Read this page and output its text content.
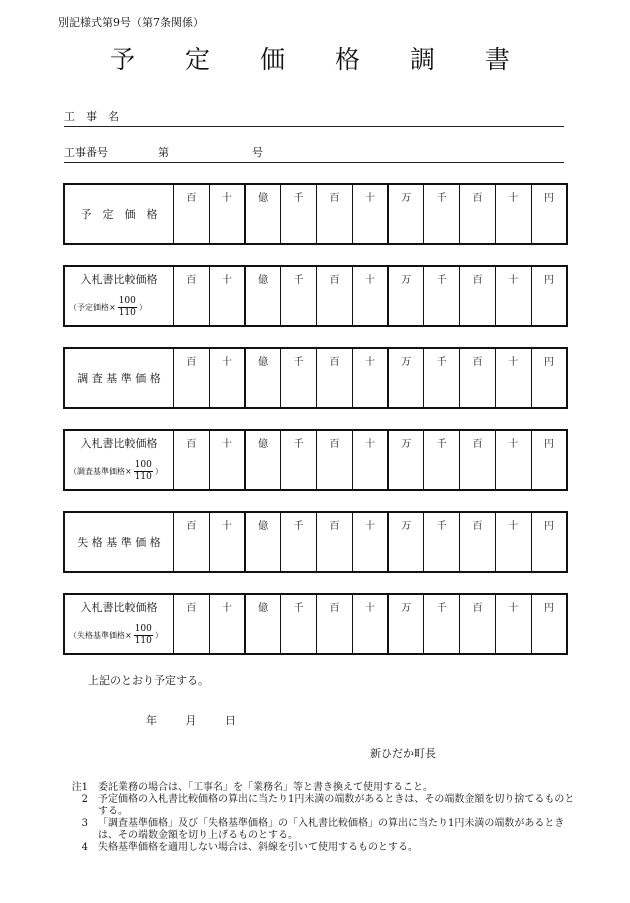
別記様式第9号（第7条関係）
予 定 価 格 調 書
工　事　名
工事番号	第	号
予　定　価　格	百	十	億	千	百	十	万	千	百	十	円
入札書比較価格
（予定価格× $\frac{100}{110}$ ）
	百	十	億	千	百	十	万	千	百	十	円
調 査 基 準 価 格	百	十	億	千	百	十	万	千	百	十	円
入札書比較価格
（調査基準価格× $\frac{100}{110}$ ）
	百	十	億	千	百	十	万	千	百	十	円
失 格 基 準 価 格	百	十	億	千	百	十	万	千	百	十	円
入札書比較価格
（失格基準価格× $\frac{100}{110}$ ）
	百	十	億	千	百	十	万	千	百	十	円
上記のとおり予定する。
年	月	日
新ひだか町長
注1 委託業務の場合は、「工事名」を「業務名」等と書き換えて使用すること。
2 予定価格の入札書比較価格の算出に当たり1円未満の端数があるときは、その端数金額を切り捨てるものとする。
3 「調査基準価格」及び「失格基準価格」の「入札書比較価格」の算出に当たり1円未満の端数があるときは、その端数金額を切り上げるものとする。
4 失格基準価格を適用しない場合は、斜線を引いて使用するものとする。
